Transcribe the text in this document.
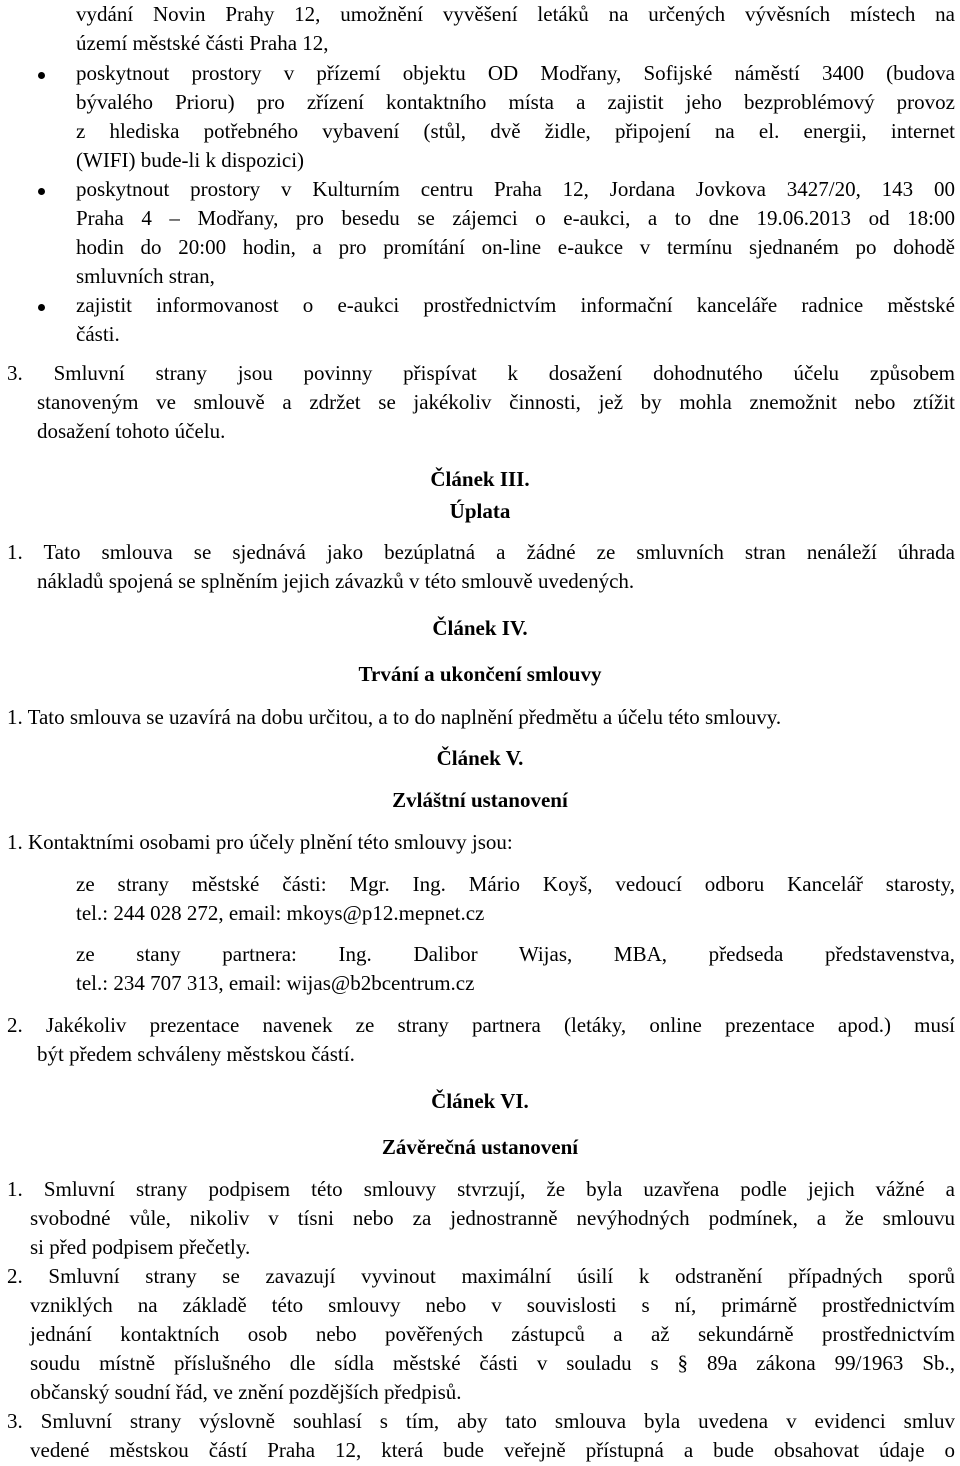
vydání Novin Prahy 12, umožnění vyvěšení letáků na určených vývěsních místech na
území městské části Praha 12,
poskytnout prostory v přízemí objektu OD Modřany, Sofijské náměstí 3400 (budova
bývalého Prioru) pro zřízení kontaktního místa a zajistit jeho bezproblémový provoz
z hlediska potřebného vybavení (stůl, dvě židle, připojení na el. energii, internet
(WIFI) bude-li k dispozici)
poskytnout prostory v Kulturním centru Praha 12, Jordana Jovkova 3427/20, 143 00
Praha 4 – Modřany, pro besedu se zájemci o e-aukci, a to dne 19.06.2013 od 18:00
hodin do 20:00 hodin, a pro promítání on-line e-aukce v termínu sjednaném po dohodě
smluvních stran,
zajistit informovanost o e-aukci prostřednictvím informační kanceláře radnice městské
části.
3. Smluvní strany jsou povinny přispívat k dosažení dohodnutého účelu způsobem
stanoveným ve smlouvě a zdržet se jakékoliv činnosti, jež by mohla znemožnit nebo ztížit
dosažení tohoto účelu.
Článek III.
Úplata
1. Tato smlouva se sjednává jako bezúplatná a žádné ze smluvních stran nenáleží úhrada
nákladů spojená se splněním jejich závazků v této smlouvě uvedených.
Článek IV.
Trvání a ukončení smlouvy
1. Tato smlouva se uzavírá na dobu určitou, a to do naplnění předmětu a účelu této smlouvy.
Článek V.
Zvláštní ustanovení
1. Kontaktními osobami pro účely plnění této smlouvy jsou:
ze strany městské části: Mgr. Ing. Mário Koyš, vedoucí odboru Kancelář starosty,
tel.: 244 028 272, email: mkoys@p12.mepnet.cz
ze stany partnera: Ing. Dalibor Wijas, MBA, předseda představenstva,
tel.: 234 707 313, email: wijas@b2bcentrum.cz
2. Jakékoliv prezentace navenek ze strany partnera (letáky, online prezentace apod.) musí
být předem schváleny městskou částí.
Článek VI.
Závěrečná ustanovení
1. Smluvní strany podpisem této smlouvy stvrzují, že byla uzavřena podle jejich vážné a
svobodné vůle, nikoliv v tísni nebo za jednostranně nevýhodných podmínek, a že smlouvu
si před podpisem přečetly.
2. Smluvní strany se zavazují vyvinout maximální úsilí k odstranění případných sporů
vzniklých na základě této smlouvy nebo v souvislosti s ní, primárně prostřednictvím
jednání kontaktních osob nebo pověřených zástupců a až sekundárně prostřednictvím
soudu místně příslušného dle sídla městské části v souladu s § 89a zákona 99/1963 Sb.,
občanský soudní řád, ve znění pozdějších předpisů.
3. Smluvní strany výslovně souhlasí s tím, aby tato smlouva byla uvedena v evidenci smluv
vedené městskou částí Praha 12, která bude veřejně přístupná a bude obsahovat údaje o
